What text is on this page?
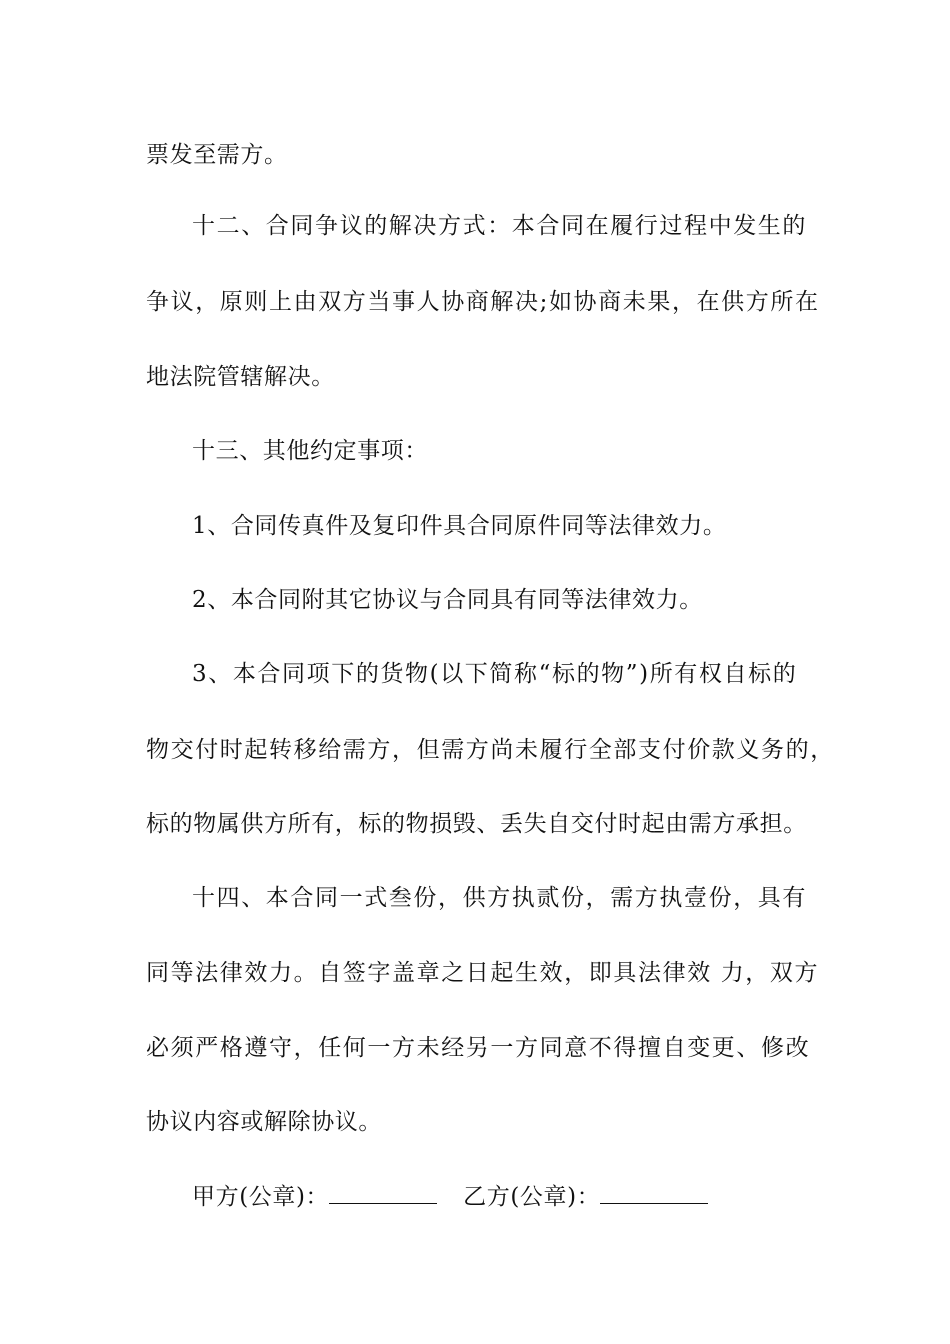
票发至需方。
十二、合同争议的解决方式：本合同在履行过程中发生的
争议，原则上由双方当事人协商解决;如协商未果，在供方所在
地法院管辖解决。
十三、其他约定事项：
1、合同传真件及复印件具合同原件同等法律效力。
2、本合同附其它协议与合同具有同等法律效力。
3、本合同项下的货物(以下简称“标的物”)所有权自标的
物交付时起转移给需方，但需方尚未履行全部支付价款义务的，
标的物属供方所有，标的物损毁、丢失自交付时起由需方承担。
十四、本合同一式叁份，供方执贰份，需方执壹份，具有
同等法律效力。自签字盖章之日起生效，即具法律效 力，双方
必须严格遵守，任何一方未经另一方同意不得擅自变更、修改
协议内容或解除协议。
甲方(公章)：	乙方(公章)：
